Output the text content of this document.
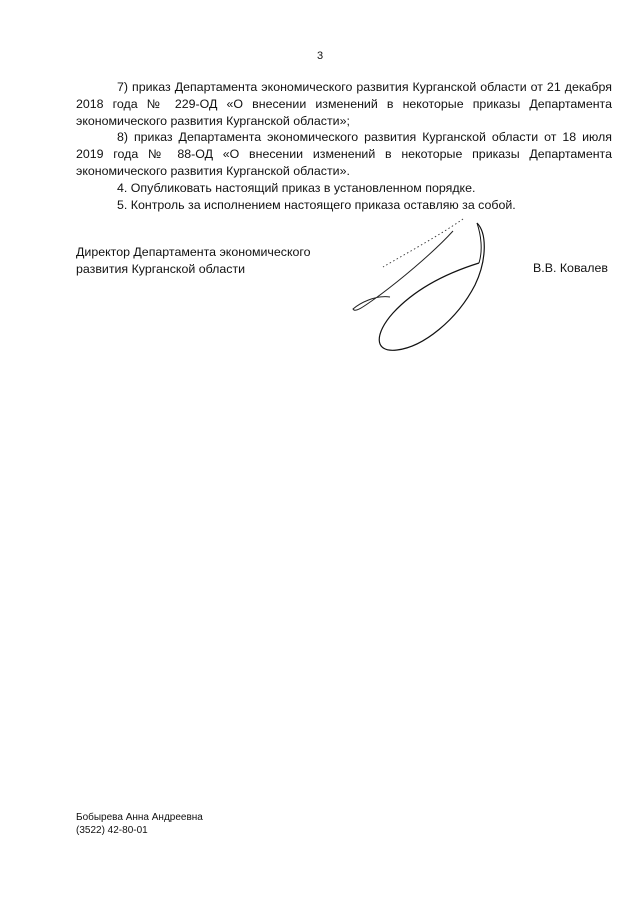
3

7) приказ Департамента экономического развития Курганской области от 21 декабря 2018 года № 229-ОД «О внесении изменений в некоторые приказы Департамента экономического развития Курганской области»;

8) приказ Департамента экономического развития Курганской области от 18 июля 2019 года № 88-ОД «О внесении изменений в некоторые приказы Департамента экономического развития Курганской области».

4. Опубликовать настоящий приказ в установленном порядке.

5. Контроль за исполнением настоящего приказа оставляю за собой.

Директор Департамента экономического
развития Курганской области	В.В. Ковалев
Бобырева Анна Андреевна
(3522) 42-80-01
